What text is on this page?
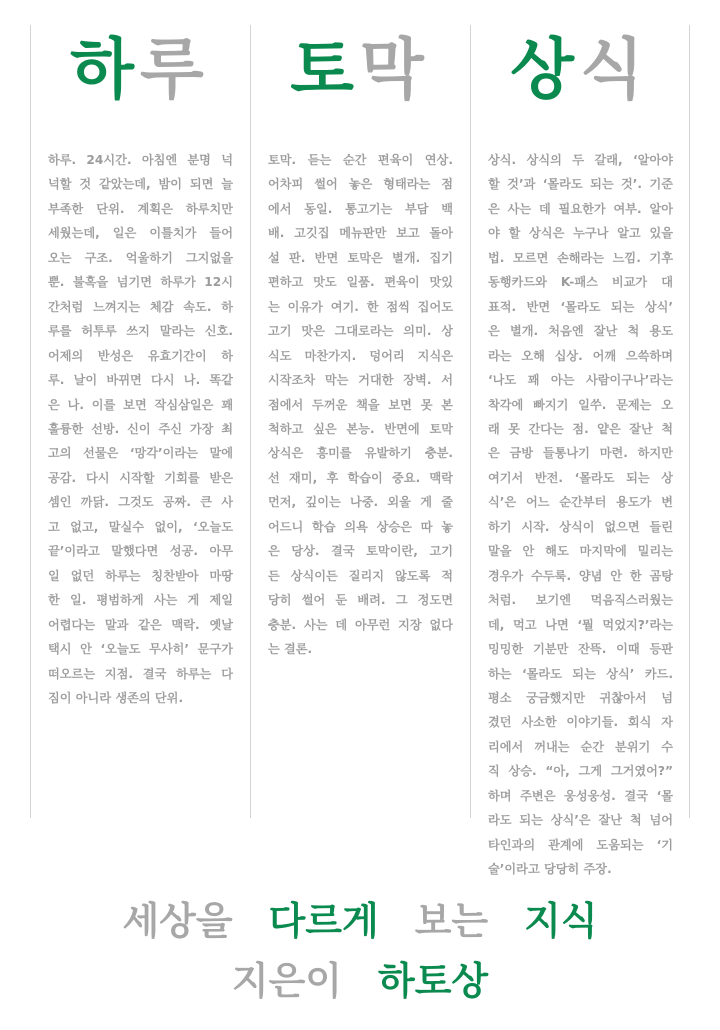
하루
하루. 24시간. 아침엔 분명 넉
넉할 것 같았는데, 밤이 되면 늘
부족한 단위. 계획은 하루치만
세웠는데, 일은 이틀치가 들어
오는 구조. 억울하기 그지없을
뿐. 불혹을 넘기면 하루가 12시
간처럼 느껴지는 체감 속도. 하
루를 허투루 쓰지 말라는 신호.
어제의 반성은 유효기간이 하
루. 날이 바뀌면 다시 나. 똑같
은 나. 이를 보면 작심삼일은 꽤
훌륭한 선방. 신이 주신 가장 최
고의 선물은 ‘망각’이라는 말에
공감. 다시 시작할 기회를 받은
셈인 까닭. 그것도 공짜. 큰 사
고 없고, 말실수 없이, ‘오늘도
끝’이라고 말했다면 성공. 아무
일 없던 하루는 칭찬받아 마땅
한 일. 평범하게 사는 게 제일
어렵다는 말과 같은 맥락. 옛날
택시 안 ‘오늘도 무사히’ 문구가
떠오르는 지점. 결국 하루는 다
짐이 아니라 생존의 단위.
토막
토막. 듣는 순간 편육이 연상.
어차피 썰어 놓은 형태라는 점
에서 동일. 통고기는 부담 백
배. 고깃집 메뉴판만 보고 돌아
설 판. 반면 토막은 별개. 집기
편하고 맛도 일품. 편육이 맛있
는 이유가 여기. 한 점씩 집어도
고기 맛은 그대로라는 의미. 상
식도 마찬가지. 덩어리 지식은
시작조차 막는 거대한 장벽. 서
점에서 두꺼운 책을 보면 못 본
척하고 싶은 본능. 반면에 토막
상식은 흥미를 유발하기 충분.
선 재미, 후 학습이 중요. 맥락
먼저, 깊이는 나중. 외울 게 줄
어드니 학습 의욕 상승은 따 놓
은 당상. 결국 토막이란, 고기
든 상식이든 질리지 않도록 적
당히 썰어 둔 배려. 그 정도면
충분. 사는 데 아무런 지장 없다
는 결론.
상식
상식. 상식의 두 갈래, ‘알아야
할 것’과 ‘몰라도 되는 것’. 기준
은 사는 데 필요한가 여부. 알아
야 할 상식은 누구나 알고 있을
법. 모르면 손해라는 느낌. 기후
동행카드와 K-패스 비교가 대
표적. 반면 ‘몰라도 되는 상식’
은 별개. 처음엔 잘난 척 용도
라는 오해 십상. 어깨 으쓱하며
‘나도 꽤 아는 사람이구나’라는
착각에 빠지기 일쑤. 문제는 오
래 못 간다는 점. 얕은 잘난 척
은 금방 들통나기 마련. 하지만
여기서 반전. ‘몰라도 되는 상
식’은 어느 순간부터 용도가 변
하기 시작. 상식이 없으면 들린
말을 안 해도 마지막에 밀리는
경우가 수두룩. 양념 안 한 곰탕
처럼. 보기엔 먹음직스러웠는
데, 먹고 나면 ‘뭘 먹었지?’라는
밍밍한 기분만 잔뜩. 이때 등판
하는 ‘몰라도 되는 상식’ 카드.
평소 궁금했지만 귀찮아서 넘
겼던 사소한 이야기들. 회식 자
리에서 꺼내는 순간 분위기 수
직 상승. “아, 그게 그거였어?”
하며 주변은 웅성웅성. 결국 ‘몰
라도 되는 상식’은 잘난 척 넘어
타인과의 관계에 도움되는 ‘기
술’이라고 당당히 주장.
세상을 다르게 보는 지식
지은이 하토상
